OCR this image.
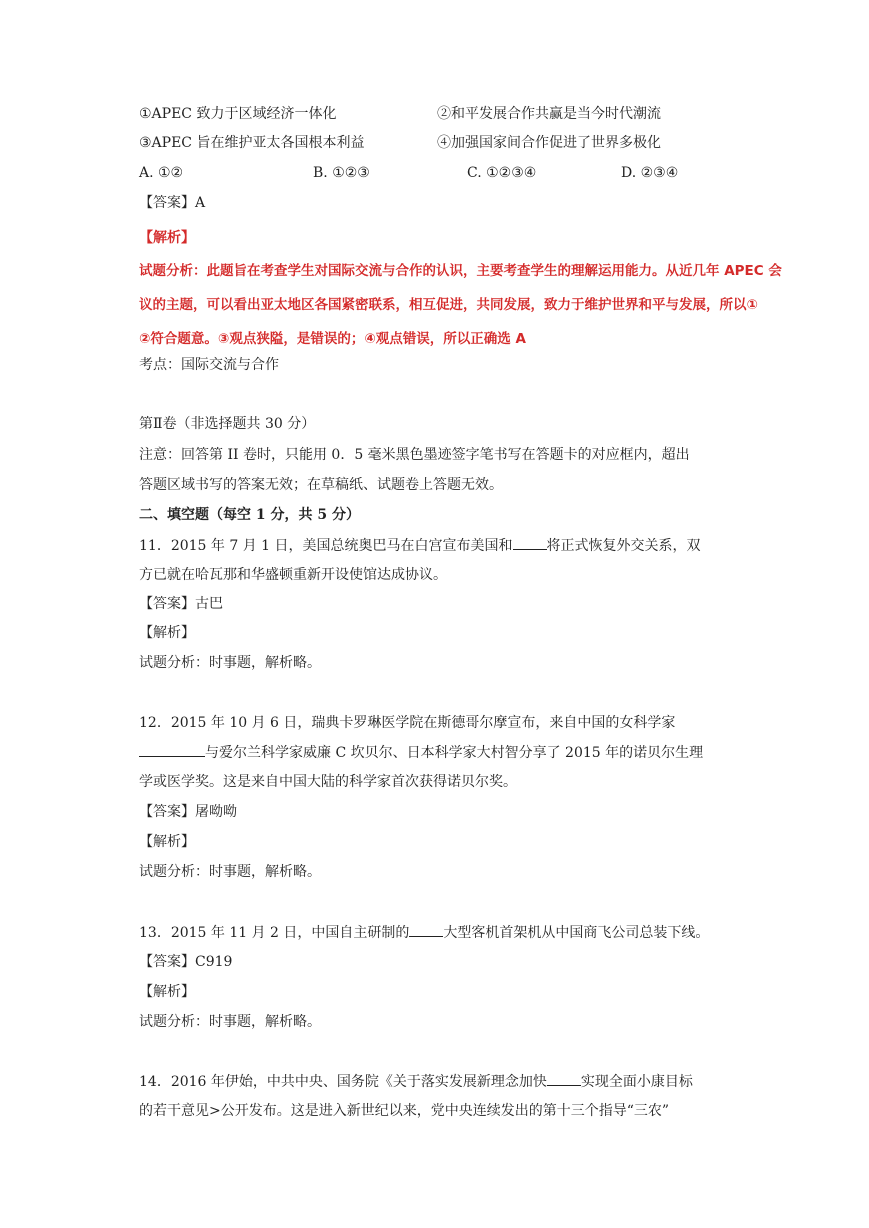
①APEC 致力于区域经济一体化	②和平发展合作共赢是当今时代潮流
③APEC 旨在维护亚太各国根本利益	④加强国家间合作促进了世界多极化
A. ①②	B. ①②③	C. ①②③④	D. ②③④
【答案】A
【解析】
试题分析：此题旨在考查学生对国际交流与合作的认识，主要考查学生的理解运用能力。从近几年 APEC 会
议的主题，可以看出亚太地区各国紧密联系，相互促进，共同发展，致力于维护世界和平与发展，所以①
②符合题意。③观点狭隘，是错误的；④观点错误，所以正确选 A
考点：国际交流与合作
第Ⅱ卷（非选择题共 30 分）
注意：回答第 II 卷时，只能用 0．5 毫米黑色墨迹签字笔书写在答题卡的对应框内，超出
答题区域书写的答案无效；在草稿纸、试题卷上答题无效。
二、填空题（每空 1 分，共 5 分）
11．2015 年 7 月 1 日，美国总统奥巴马在白宫宣布美国和 将正式恢复外交关系，双
方已就在哈瓦那和华盛顿重新开设使馆达成协议。
【答案】古巴
【解析】
试题分析：时事题，解析略。
12．2015 年 10 月 6 日，瑞典卡罗琳医学院在斯德哥尔摩宣布，来自中国的女科学家
与爱尔兰科学家威廉 C 坎贝尔、日本科学家大村智分享了 2015 年的诺贝尔生理
学或医学奖。这是来自中国大陆的科学家首次获得诺贝尔奖。
【答案】屠呦呦
【解析】
试题分析：时事题，解析略。
13．2015 年 11 月 2 日，中国自主研制的 大型客机首架机从中国商飞公司总装下线。
【答案】C919
【解析】
试题分析：时事题，解析略。
14．2016 年伊始，中共中央、国务院《关于落实发展新理念加快 实现全面小康目标
的若干意见>公开发布。这是进入新世纪以来，党中央连续发出的第十三个指导“三农”
